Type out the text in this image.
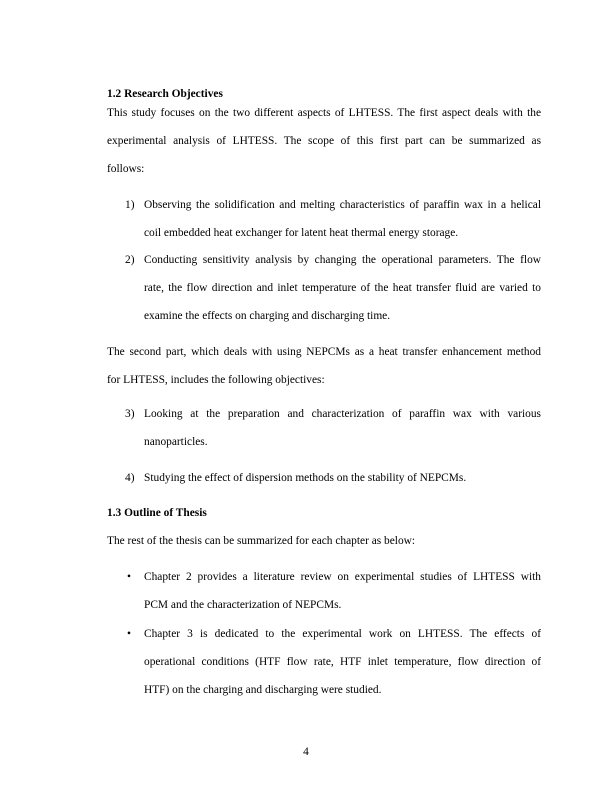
1.2 Research Objectives

This study focuses on the two different aspects of LHTESS. The first aspect deals with the

experimental analysis of LHTESS. The scope of this first part can be summarized as

follows:

1) Observing the solidification and melting characteristics of paraffin wax in a helical

coil embedded heat exchanger for latent heat thermal energy storage.

2) Conducting sensitivity analysis by changing the operational parameters. The flow

rate, the flow direction and inlet temperature of the heat transfer fluid are varied to

examine the effects on charging and discharging time.

The second part, which deals with using NEPCMs as a heat transfer enhancement method

for LHTESS, includes the following objectives:

3) Looking at the preparation and characterization of paraffin wax with various

nanoparticles.

4) Studying the effect of dispersion methods on the stability of NEPCMs.

1.3 Outline of Thesis

The rest of the thesis can be summarized for each chapter as below:

• Chapter 2 provides a literature review on experimental studies of LHTESS with

PCM and the characterization of NEPCMs.

• Chapter 3 is dedicated to the experimental work on LHTESS. The effects of

operational conditions (HTF flow rate, HTF inlet temperature, flow direction of

HTF) on the charging and discharging were studied.

4
